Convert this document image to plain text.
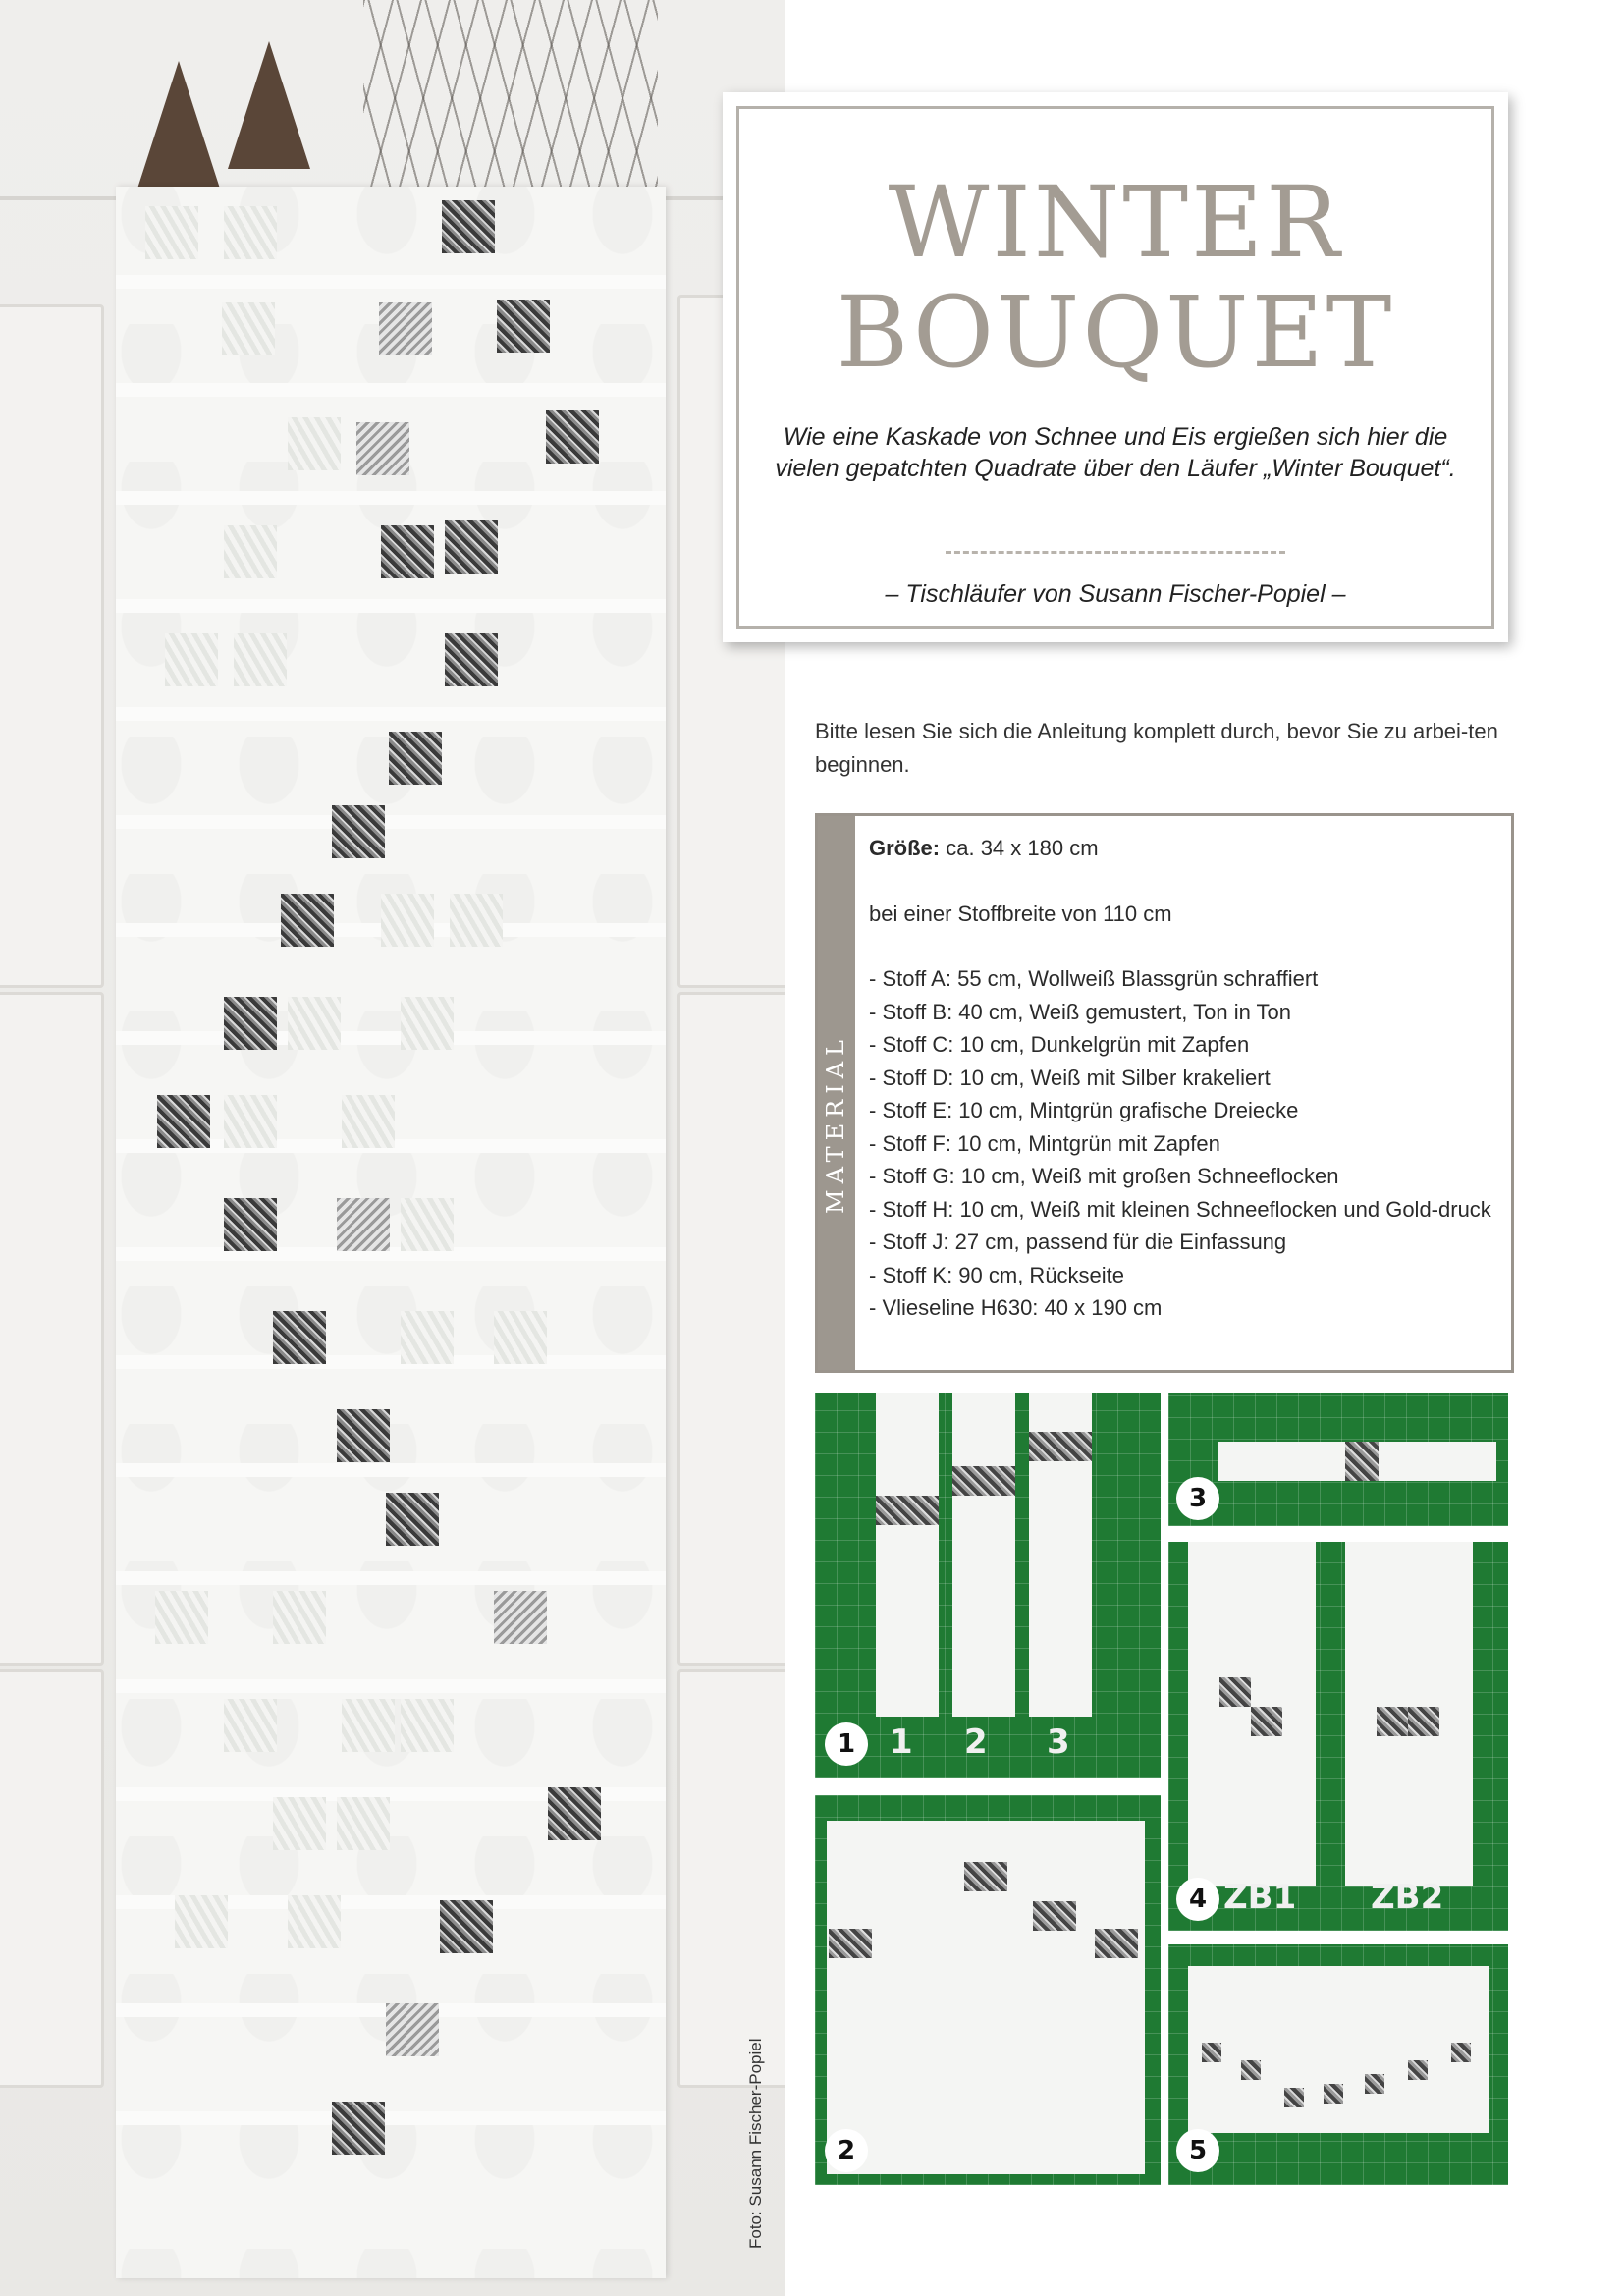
Foto: Susann Fischer-Popiel
WINTER
BOUQUET
Wie eine Kaskade von Schnee und Eis ergießen sich hier die vielen gepatchten Quadrate über den Läufer „Winter Bouquet“.
– Tischläufer von Susann Fischer-Popiel –
Bitte lesen Sie sich die Anleitung komplett durch, bevor Sie zu arbei-ten beginnen.
MATERIAL

Größe: ca. 34 x 180 cm

bei einer Stoffbreite von 110 cm

- Stoff A: 55 cm, Wollweiß Blassgrün schraffiert
- Stoff B: 40 cm, Weiß gemustert, Ton in Ton
- Stoff C: 10 cm, Dunkelgrün mit Zapfen
- Stoff D: 10 cm, Weiß mit Silber krakeliert
- Stoff E: 10 cm, Mintgrün grafische Dreiecke
- Stoff F: 10 cm, Mintgrün mit Zapfen
- Stoff G: 10 cm, Weiß mit großen Schneeflocken
- Stoff H: 10 cm, Weiß mit kleinen Schneeflocken und Gold-druck
- Stoff J: 27 cm, passend für die Einfassung
- Stoff K: 90 cm, Rückseite
- Vlieseline H630: 40 x 190 cm
1	1 2 3
3
2
4 ZB1 ZB2
5
